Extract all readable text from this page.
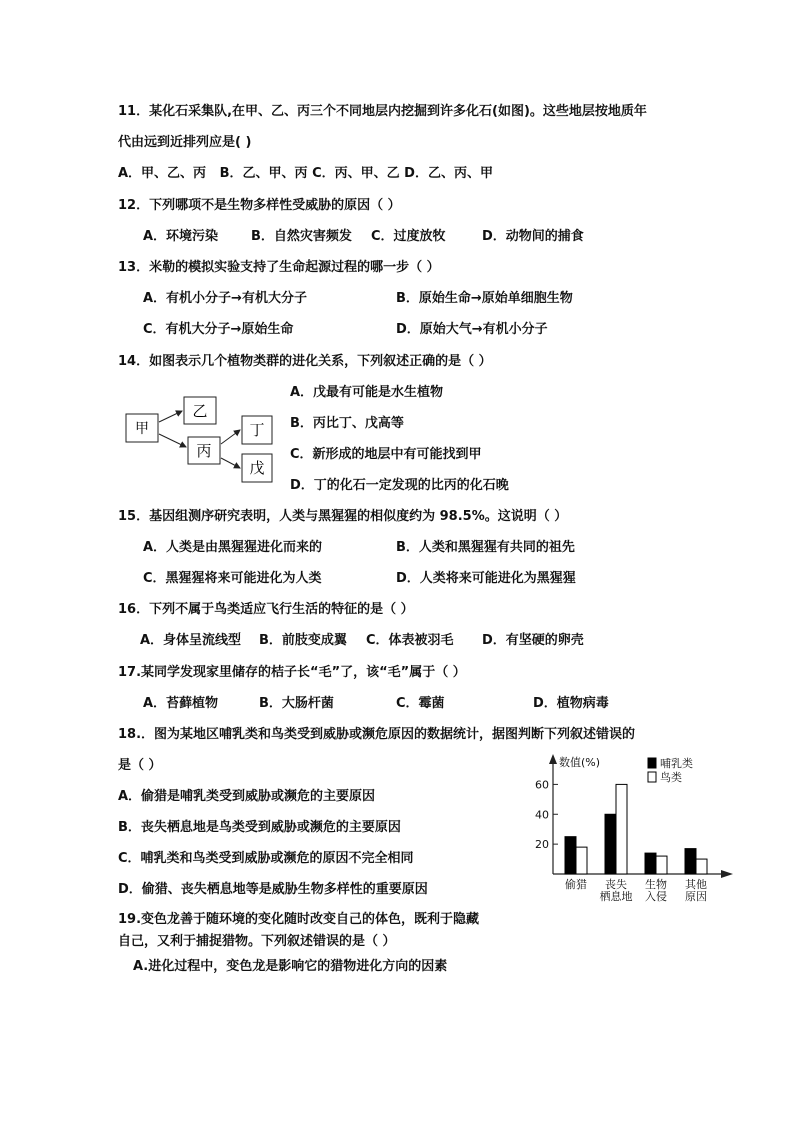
11．某化石采集队,在甲、乙、丙三个不同地层内挖掘到许多化石(如图)。这些地层按地质年
代由远到近排列应是( )
A．甲、乙、丙 B．乙、甲、丙 C．丙、甲、乙 D．乙、丙、甲
12．下列哪项不是生物多样性受威胁的原因（ ）
A．环境污染	B．自然灾害频发 C．过度放牧	D．动物间的捕食
13．米勒的模拟实验支持了生命起源过程的哪一步（ ）
A．有机小分子→有机大分子	B．原始生命→原始单细胞生物
C．有机大分子→原始生命	D．原始大气→有机小分子
14．如图表示几个植物类群的进化关系，下列叙述正确的是（ ）
甲
乙
丙
丁
戊
A．戊最有可能是水生植物
B．丙比丁、戊高等
C．新形成的地层中有可能找到甲
D．丁的化石一定发现的比丙的化石晚
15．基因组测序研究表明，人类与黑猩猩的相似度约为 98.5%。这说明（ ）
A．人类是由黑猩猩进化而来的	B．人类和黑猩猩有共同的祖先
C．黑猩猩将来可能进化为人类	D．人类将来可能进化为黑猩猩
16．下列不属于鸟类适应飞行生活的特征的是（ ）
A．身体呈流线型 B．前肢变成翼 C．体表被羽毛 D．有坚硬的卵壳
17.某同学发现家里储存的桔子长“毛”了，该“毛”属于（ ）
A．苔藓植物	B．大肠杆菌	C．霉菌	D．植物病毒
18.．图为某地区哺乳类和鸟类受到威胁或濒危原因的数据统计，据图判断下列叙述错误的
是（ ）
A．偷猎是哺乳类受到威胁或濒危的主要原因
B．丧失栖息地是鸟类受到威胁或濒危的主要原因
C．哺乳类和鸟类受到威胁或濒危的原因不完全相同
D．偷猎、丧失栖息地等是威胁生物多样性的重要原因
数值(%)
20
40
60
偷猎 丧失
栖息地
生物
入侵
其他
原因
哺乳类
鸟类
19.变色龙善于随环境的变化随时改变自己的体色，既利于隐藏
自己，又利于捕捉猎物。下列叙述错误的是（ ）
A.进化过程中，变色龙是影响它的猎物进化方向的因素
